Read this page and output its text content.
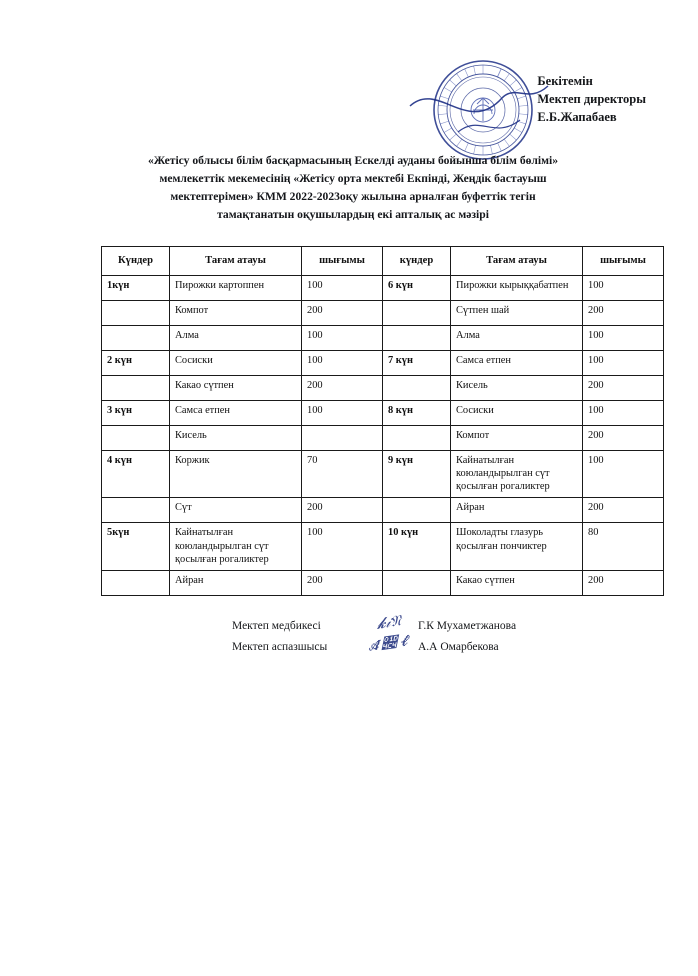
Бекітемін
Мектеп директоры
Е.Б.Жапабаев
«Жетісу облысы білім басқармасының Ескелді ауданы бойынша білім бөлімі»
мемлекеттік мекемесінің «Жетісу орта мектебі Екпінді, Жеңдік бастауыш
мектептерімен» КММ 2022-2023оқу жылына арналған буфеттік тегін
тамақтанатын оқушылардың екі апталық ас мәзірі
Күндер	Тағам атауы	шығымы	күндер	Тағам атауы	шығымы
1күн	Пирожки картоппен	100	6 күн	Пирожки кырыққабатпен	100
	Компот	200		Сүтпен шай	200
	Алма	100		Алма	100
2 күн	Сосиски	100	7 күн	Самса етпен	100
	Какао сүтпен	200		Кисель	200
3 күн	Самса етпен	100	8 күн	Сосиски	100
	Кисель			Компот	200
4 күн	Коржик	70	9 күн	Кайнатылған коюландырылган сүт қосылған рогаликтер	100
	Сүт	200		Айран	200
5күн	Кайнатылған коюландырылган сүт қосылған рогаликтер	100	10 күн	Шоколадты глазурь қосылған пончиктер	80
	Айран	200		Какао сүтпен	200
Мектеп медбикесі	𝓴𝒾𝔑	Г.К Мухаметжанова
Мектеп аспазшысы	𝒜𝓄𝓁 А.А Омарбекова
